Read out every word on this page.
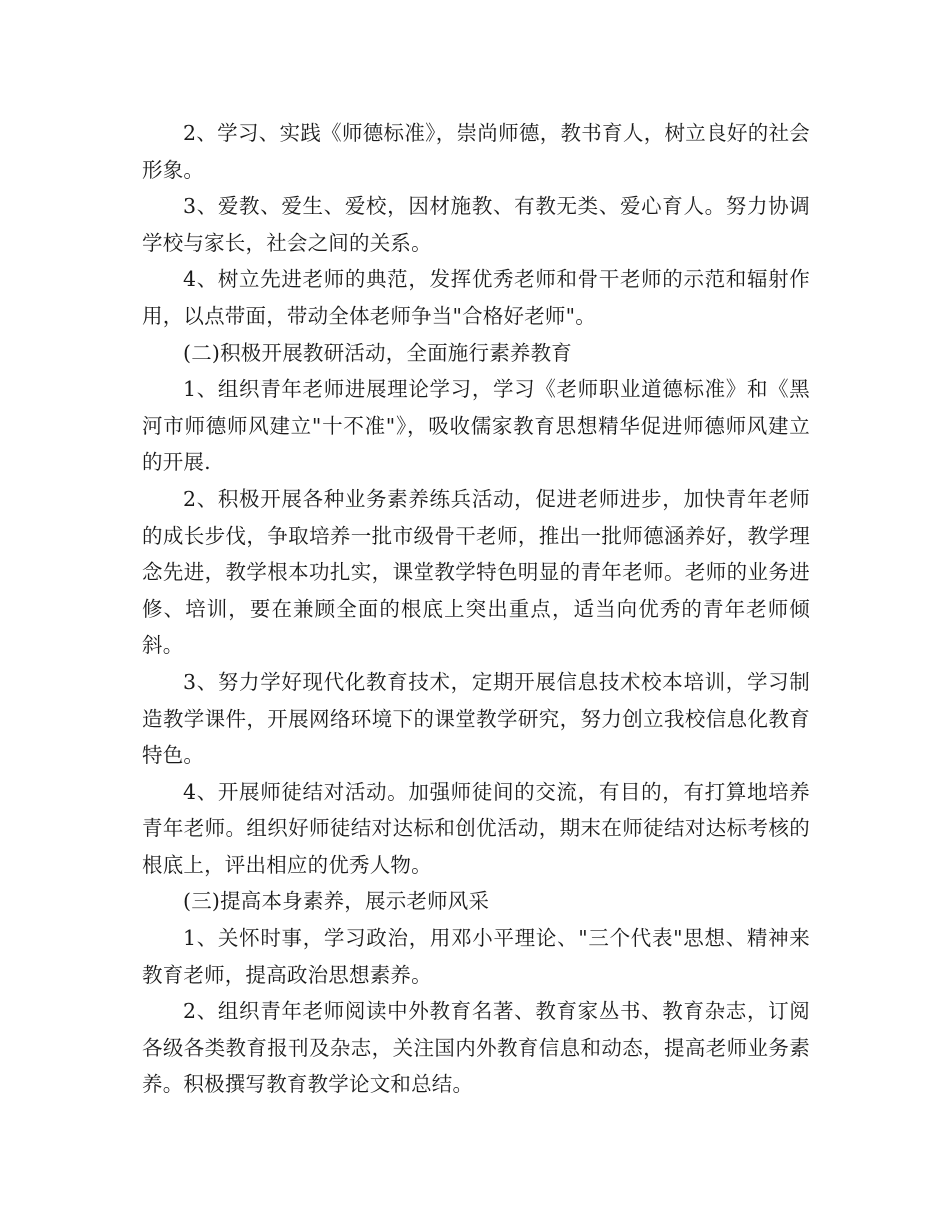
2、学习、实践《师德标准》，崇尚师德，教书育人，树立良好的社会形象。

3、爱教、爱生、爱校，因材施教、有教无类、爱心育人。努力协调学校与家长，社会之间的关系。

4、树立先进老师的典范，发挥优秀老师和骨干老师的示范和辐射作用，以点带面，带动全体老师争当"合格好老师"。

(二)积极开展教研活动，全面施行素养教育

1、组织青年老师进展理论学习，学习《老师职业道德标准》和《黑河市师德师风建立"十不准"》，吸收儒家教育思想精华促进师德师风建立的开展.

2、积极开展各种业务素养练兵活动，促进老师进步，加快青年老师的成长步伐，争取培养一批市级骨干老师，推出一批师德涵养好，教学理念先进，教学根本功扎实，课堂教学特色明显的青年老师。老师的业务进修、培训，要在兼顾全面的根底上突出重点，适当向优秀的青年老师倾斜。

3、努力学好现代化教育技术，定期开展信息技术校本培训，学习制造教学课件，开展网络环境下的课堂教学研究，努力创立我校信息化教育特色。

4、开展师徒结对活动。加强师徒间的交流，有目的，有打算地培养青年老师。组织好师徒结对达标和创优活动，期末在师徒结对达标考核的根底上，评出相应的优秀人物。

(三)提高本身素养，展示老师风采

1、关怀时事，学习政治，用邓小平理论、"三个代表"思想、精神来教育老师，提高政治思想素养。

2、组织青年老师阅读中外教育名著、教育家丛书、教育杂志，订阅各级各类教育报刊及杂志，关注国内外教育信息和动态，提高老师业务素养。积极撰写教育教学论文和总结。
